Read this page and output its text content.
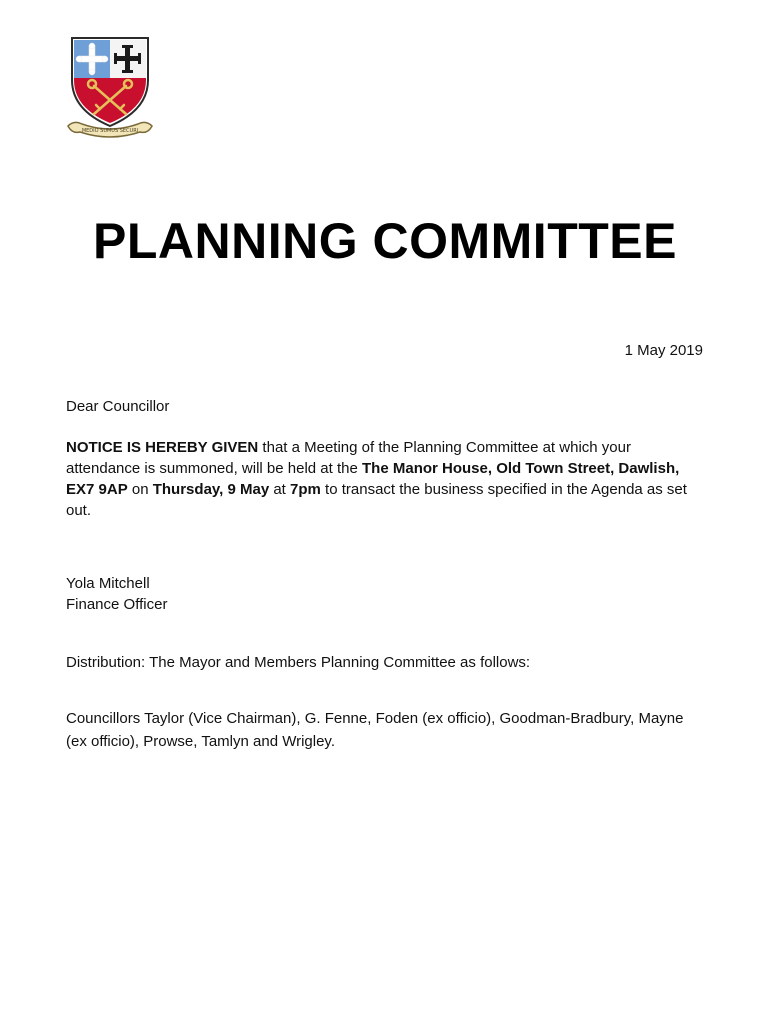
MEDIO SUMUS SECURI
PLANNING COMMITTEE
1 May 2019
Dear Councillor
NOTICE IS HEREBY GIVEN that a Meeting of the Planning Committee at which your attendance is summoned, will be held at the The Manor House, Old Town Street, Dawlish, EX7 9AP on Thursday, 9 May at 7pm to transact the business specified in the Agenda as set out.
Yola Mitchell
Finance Officer
Distribution: The Mayor and Members Planning Committee as follows:
Councillors Taylor (Vice Chairman), G. Fenne, Foden (ex officio), Goodman-Bradbury, Mayne (ex officio), Prowse, Tamlyn and Wrigley.
